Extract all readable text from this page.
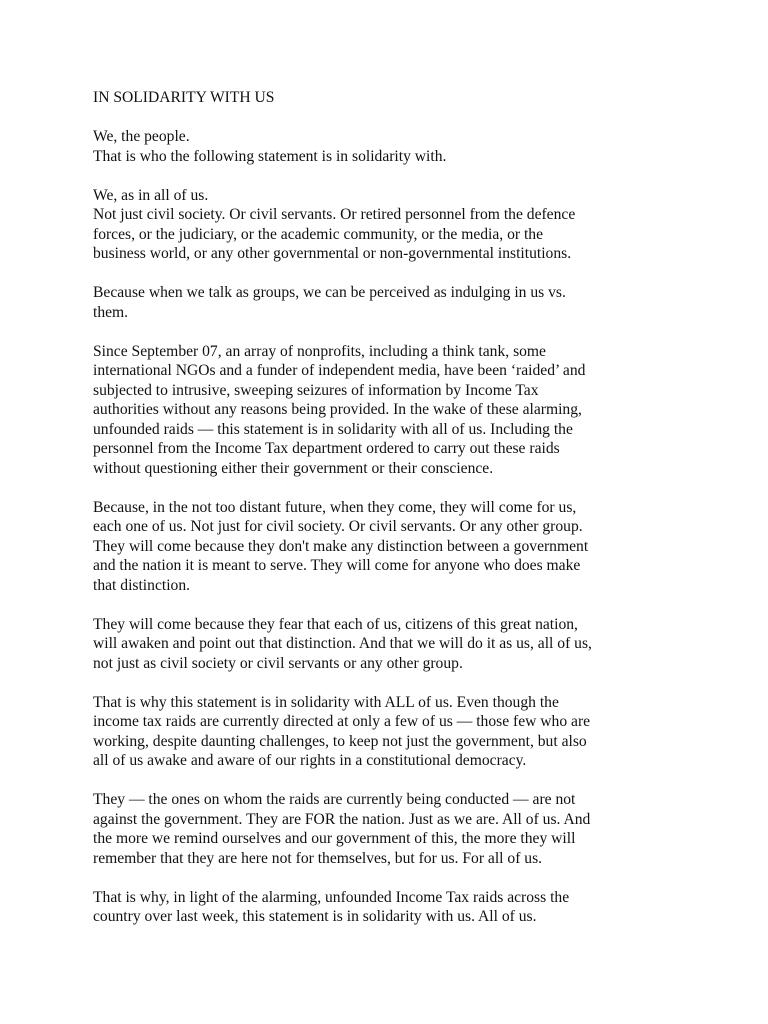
IN SOLIDARITY WITH US

We, the people.
That is who the following statement is in solidarity with.

We, as in all of us.
Not just civil society. Or civil servants. Or retired personnel from the defence
forces, or the judiciary, or the academic community, or the media, or the
business world, or any other governmental or non-governmental institutions.

Because when we talk as groups, we can be perceived as indulging in us vs.
them.

Since September 07, an array of nonprofits, including a think tank, some
international NGOs and a funder of independent media, have been ‘raided’ and
subjected to intrusive, sweeping seizures of information by Income Tax
authorities without any reasons being provided. In the wake of these alarming,
unfounded raids — this statement is in solidarity with all of us. Including the
personnel from the Income Tax department ordered to carry out these raids
without questioning either their government or their conscience.

Because, in the not too distant future, when they come, they will come for us,
each one of us. Not just for civil society. Or civil servants. Or any other group.
They will come because they don't make any distinction between a government
and the nation it is meant to serve. They will come for anyone who does make
that distinction.

They will come because they fear that each of us, citizens of this great nation,
will awaken and point out that distinction. And that we will do it as us, all of us,
not just as civil society or civil servants or any other group.

That is why this statement is in solidarity with ALL of us. Even though the
income tax raids are currently directed at only a few of us — those few who are
working, despite daunting challenges, to keep not just the government, but also
all of us awake and aware of our rights in a constitutional democracy.

They — the ones on whom the raids are currently being conducted — are not
against the government. They are FOR the nation. Just as we are. All of us. And
the more we remind ourselves and our government of this, the more they will
remember that they are here not for themselves, but for us. For all of us.

That is why, in light of the alarming, unfounded Income Tax raids across the
country over last week, this statement is in solidarity with us. All of us.
